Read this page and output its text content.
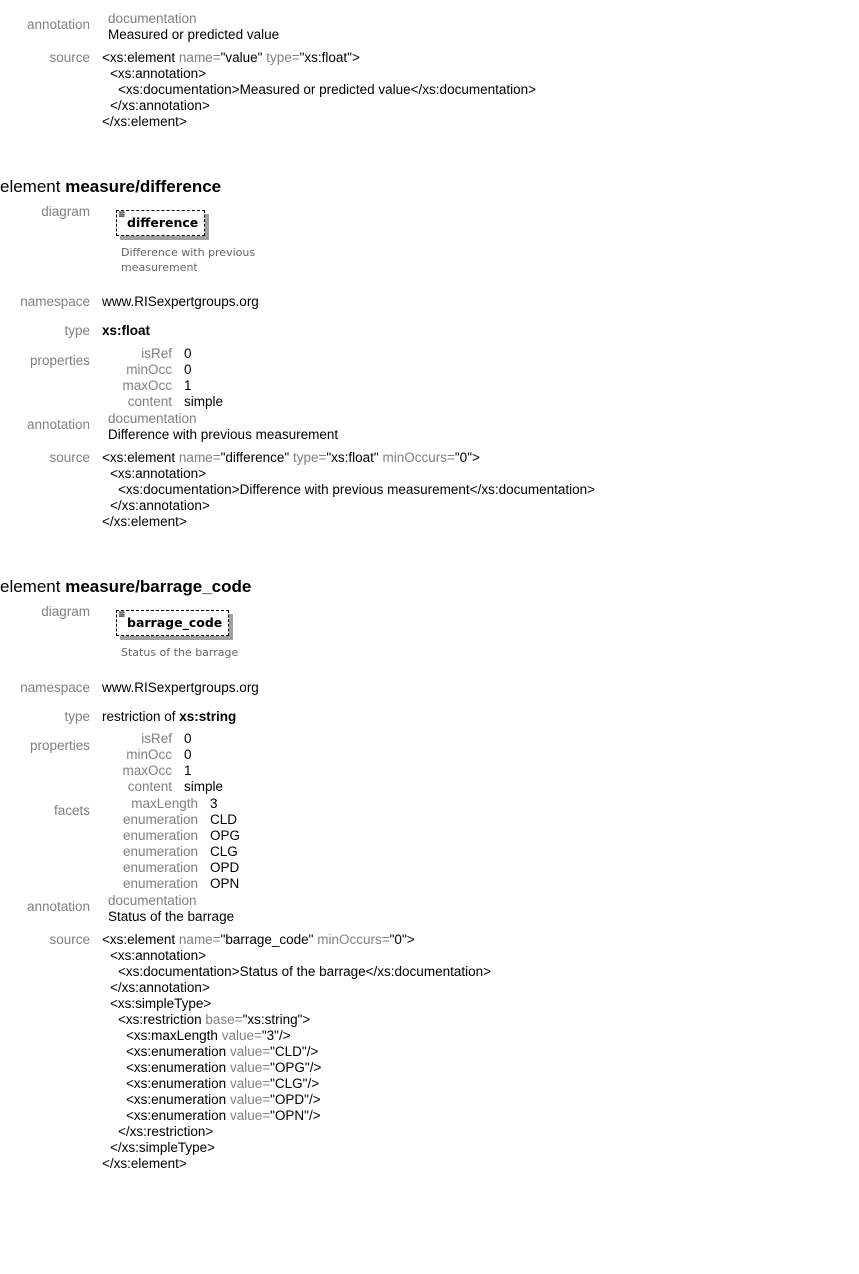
annotation documentation
Measured or predicted value
source <xs:element name="value" type="xs:float">
<xs:annotation>
<xs:documentation>Measured or predicted value</xs:documentation>
</xs:annotation>
</xs:element>
element measure/difference
diagram	≡ difference
Difference with previous
measurement
namespace www.RISexpertgroups.org
type xs:float
properties	isRef 0
minOcc 0
maxOcc 1
content simple
annotation documentation
Difference with previous measurement
source <xs:element name="difference" type="xs:float" minOccurs="0">
<xs:annotation>
<xs:documentation>Difference with previous measurement</xs:documentation>
</xs:annotation>
</xs:element>
element measure/barrage_code
diagram	≡ barrage_code
Status of the barrage
namespace www.RISexpertgroups.org
type restriction of xs:string
properties	isRef 0
minOcc 0
maxOcc 1
content simple
facets	maxLength 3
enumeration CLD
enumeration OPG
enumeration CLG
enumeration OPD
enumeration OPN
annotation documentation
Status of the barrage
source <xs:element name="barrage_code" minOccurs="0">
<xs:annotation>
<xs:documentation>Status of the barrage</xs:documentation>
</xs:annotation>
<xs:simpleType>
<xs:restriction base="xs:string">
<xs:maxLength value="3"/>
<xs:enumeration value="CLD"/>
<xs:enumeration value="OPG"/>
<xs:enumeration value="CLG"/>
<xs:enumeration value="OPD"/>
<xs:enumeration value="OPN"/>
</xs:restriction>
</xs:simpleType>
</xs:element>
